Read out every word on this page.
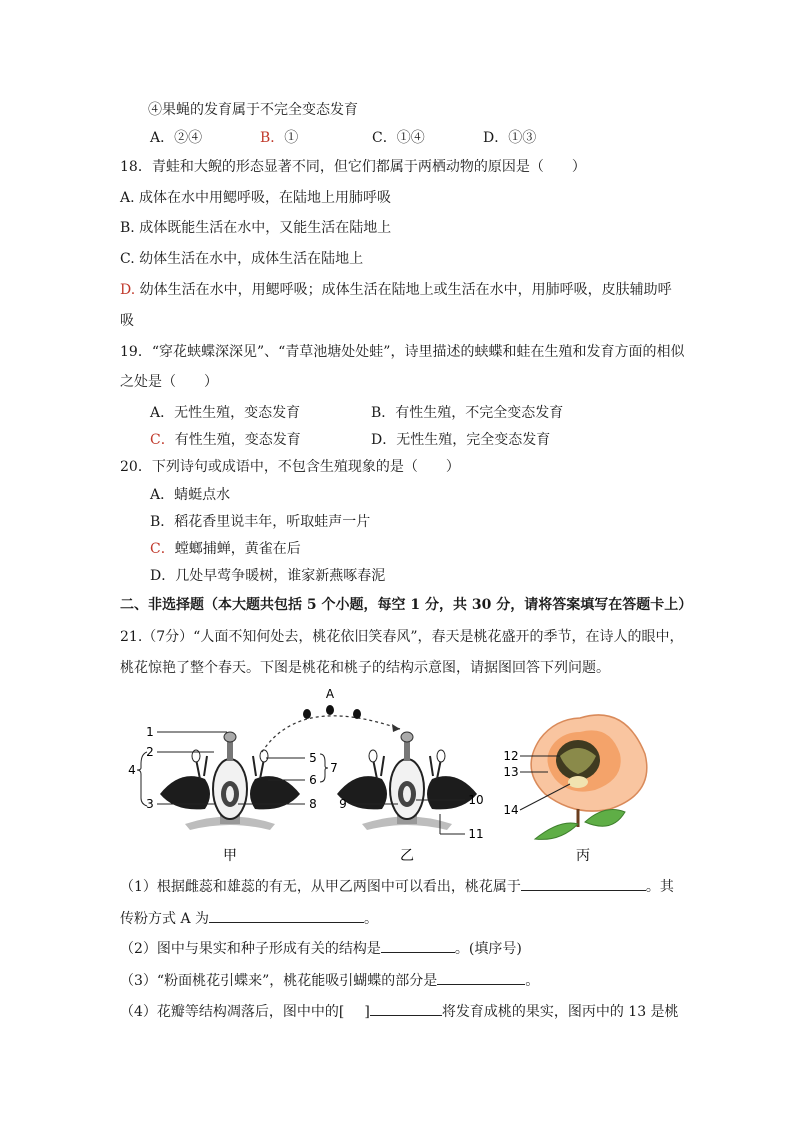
④果蝇的发育属于不完全变态发育
A．②④	B．①	C．①④	D．①③
18．青蛙和大鲵的形态显著不同，但它们都属于两栖动物的原因是（　　）
A. 成体在水中用鳃呼吸，在陆地上用肺呼吸
B. 成体既能生活在水中，又能生活在陆地上
C. 幼体生活在水中，成体生活在陆地上
D. 幼体生活在水中，用鳃呼吸；成体生活在陆地上或生活在水中，用肺呼吸，皮肤辅助呼
吸
19．“穿花蛱蝶深深见”、“青草池塘处处蛙”，诗里描述的蛱蝶和蛙在生殖和发育方面的相似
之处是（　　）
A．无性生殖，变态发育	B．有性生殖，不完全变态发育
C．有性生殖，变态发育	D．无性生殖，完全变态发育
20．下列诗句或成语中，不包含生殖现象的是（　　）
A．蜻蜓点水
B．稻花香里说丰年，听取蛙声一片
C．螳螂捕蝉，黄雀在后
D．几处早莺争暖树，谁家新燕啄春泥
二、非选择题（本大题共包括 5 个小题，每空 1 分，共 30 分，请将答案填写在答题卡上）
21.（7分）“人面不知何处去，桃花依旧笑春风”，春天是桃花盛开的季节，在诗人的眼中，
桃花惊艳了整个春天。下图是桃花和桃子的结构示意图，请据图回答下列问题。
1
2
4
3
5
6
7
8
A
9	10
11
12
13
14
甲	乙	丙
（1）根据雌蕊和雄蕊的有无，从甲乙两图中可以看出，桃花属于	。其
传粉方式 A 为	。
（2）图中与果实和种子形成有关的结构是	。(填序号)
（3）“粉面桃花引蝶来”，桃花能吸引蝴蝶的部分是	。
（4）花瓣等结构凋落后，图中中的[ ]	将发育成桃的果实，图丙中的 13 是桃
